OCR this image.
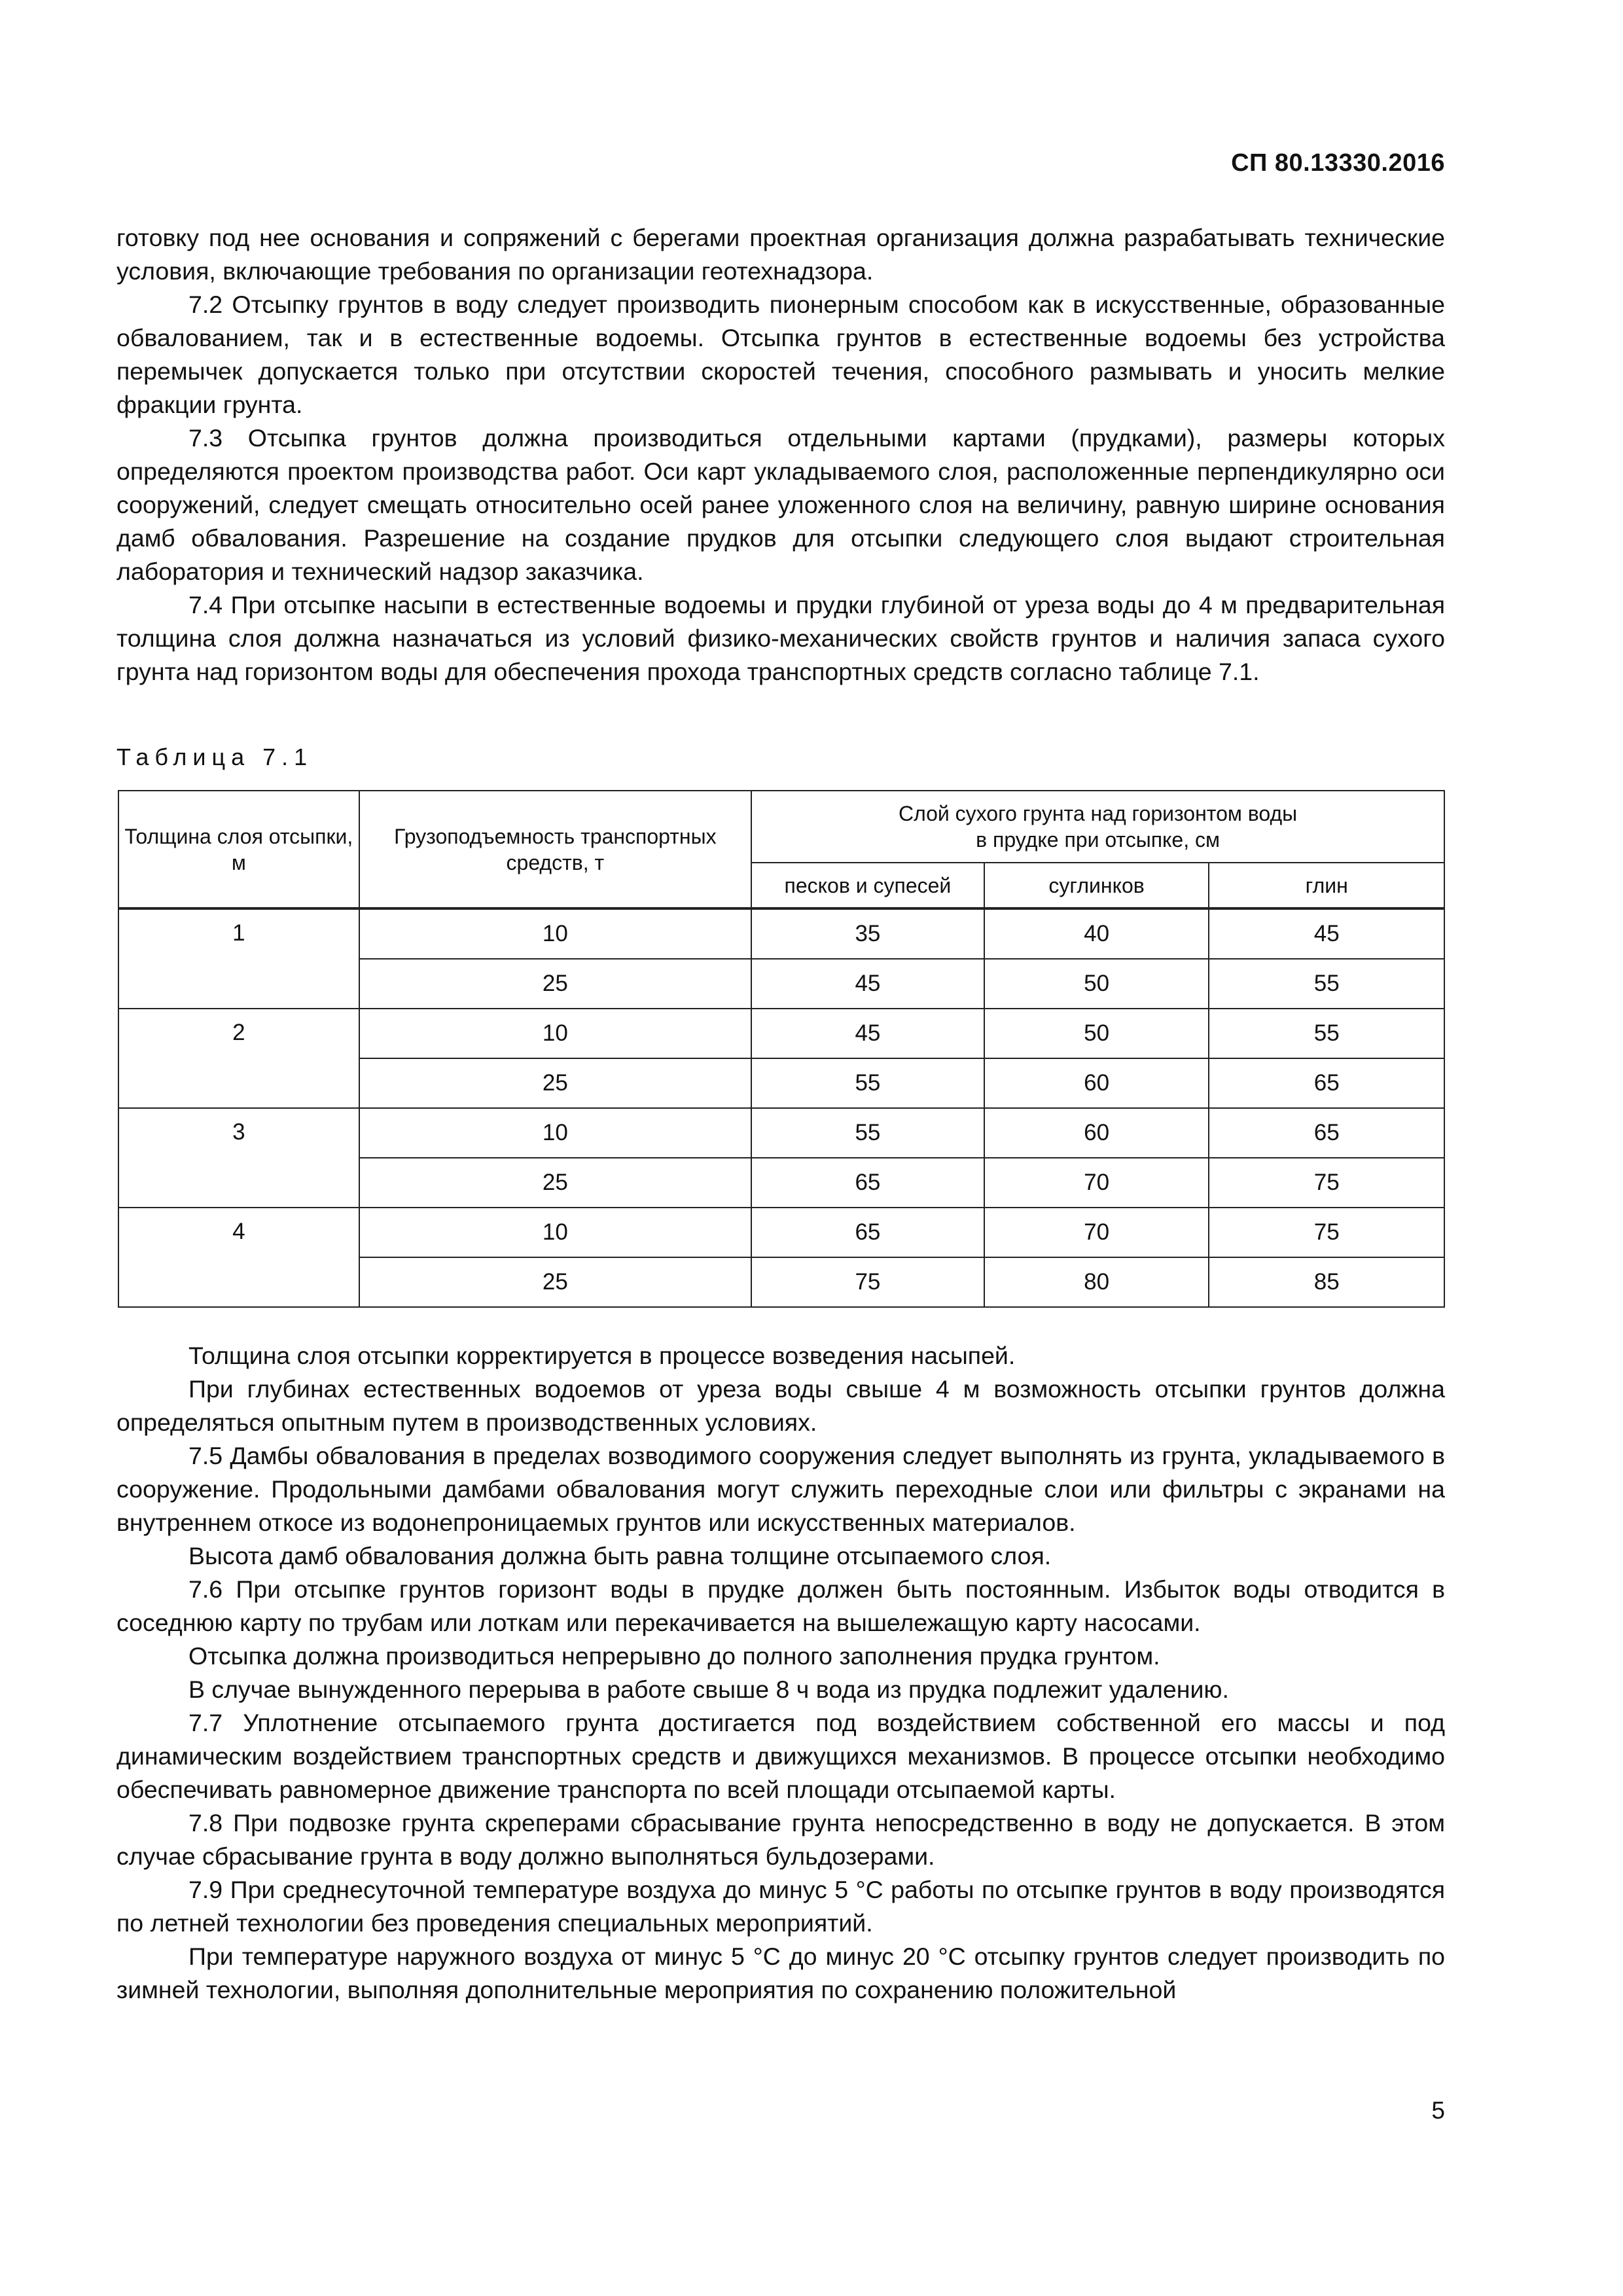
СП 80.13330.2016

готовку под нее основания и сопряжений с берегами проектная организация должна разрабатывать технические условия, включающие требования по организации геотехнадзора.

7.2 Отсыпку грунтов в воду следует производить пионерным способом как в искусственные, образованные обвалованием, так и в естественные водоемы. Отсыпка грунтов в естественные водоемы без устройства перемычек допускается только при отсутствии скоростей течения, способного размывать и уносить мелкие фракции грунта.

7.3 Отсыпка грунтов должна производиться отдельными картами (прудками), размеры которых определяются проектом производства работ. Оси карт укладываемого слоя, расположенные перпендикулярно оси сооружений, следует смещать относительно осей ранее уложенного слоя на величину, равную ширине основания дамб обвалования. Разрешение на создание прудков для отсыпки следующего слоя выдают строительная лаборатория и технический надзор заказчика.

7.4 При отсыпке насыпи в естественные водоемы и прудки глубиной от уреза воды до 4 м предварительная толщина слоя должна назначаться из условий физико-механических свойств грунтов и наличия запаса сухого грунта над горизонтом воды для обеспечения прохода транспортных средств согласно таблице 7.1.

Таблица 7.1
Толщина слоя отсыпки, м	Грузоподъемность транспортных средств, т	Слой сухого грунта над горизонтом воды
в прудке при отсыпке, см		

		песков и супесей	суглинков	глин
1	10	35	40	45
	25	45	50	55
2	10	45	50	55
	25	55	60	65
3	10	55	60	65
	25	65	70	75
4	10	65	70	75
	25	75	80	85

Толщина слоя отсыпки корректируется в процессе возведения насыпей.

При глубинах естественных водоемов от уреза воды свыше 4 м возможность отсыпки грунтов должна определяться опытным путем в производственных условиях.

7.5 Дамбы обвалования в пределах возводимого сооружения следует выполнять из грунта, укладываемого в сооружение. Продольными дамбами обвалования могут служить переходные слои или фильтры с экранами на внутреннем откосе из водонепроницаемых грунтов или искусственных материалов.

Высота дамб обвалования должна быть равна толщине отсыпаемого слоя.

7.6 При отсыпке грунтов горизонт воды в прудке должен быть постоянным. Избыток воды отводится в соседнюю карту по трубам или лоткам или перекачивается на вышележащую карту насосами.

Отсыпка должна производиться непрерывно до полного заполнения прудка грунтом.

В случае вынужденного перерыва в работе свыше 8 ч вода из прудка подлежит удалению.

7.7 Уплотнение отсыпаемого грунта достигается под воздействием собственной его массы и под динамическим воздействием транспортных средств и движущихся механизмов. В процессе отсыпки необходимо обеспечивать равномерное движение транспорта по всей площади отсыпаемой карты.

7.8 При подвозке грунта скреперами сбрасывание грунта непосредственно в воду не допускается. В этом случае сбрасывание грунта в воду должно выполняться бульдозерами.

7.9 При среднесуточной температуре воздуха до минус 5 °С работы по отсыпке грунтов в воду производятся по летней технологии без проведения специальных мероприятий.

При температуре наружного воздуха от минус 5 °С до минус 20 °С отсыпку грунтов следует производить по зимней технологии, выполняя дополнительные мероприятия по сохранению положительной

5
